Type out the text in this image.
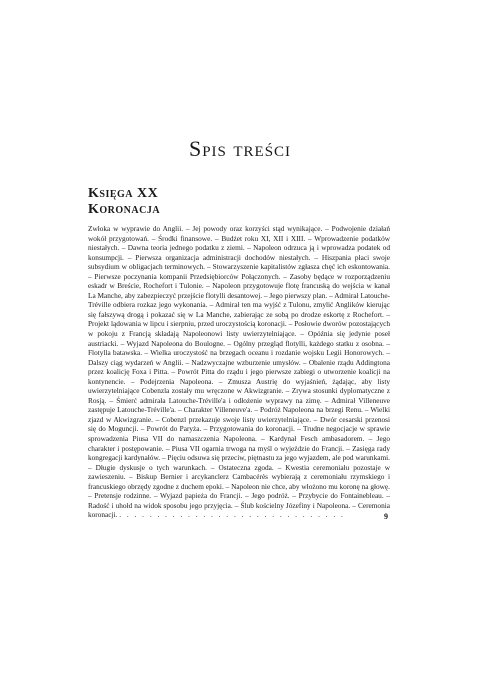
Spis treści
Księga XX
Koronacja

Zwłoka w wyprawie do Anglii. – Jej powody oraz korzyści stąd wynikające. – Podwojenie działań wokół przygotowań. – Środki finansowe. – Budżet roku XI, XII i XIII. – Wprowadzenie podatków niestałych. – Dawna teoria jednego podatku z ziemi. – Napoleon odrzuca ją i wprowadza podatek od konsumpcji. – Pierwsza organizacja administracji dochodów niestałych. – Hiszpania płaci swoje subsydium w obligacjach terminowych. – Stowarzyszenie kapitalistów zgłasza chęć ich eskontowania. – Pierwsze poczynania kompanii Przedsiębiorców Połączonych. – Zasoby będące w rozporządzeniu eskadr w Breście, Rochefort i Tulonie. – Napoleon przygotowuje flotę francuską do wejścia w kanał La Manche, aby zabezpieczyć przejście flotylli desantowej. – Jego pierwszy plan. – Admirał Latouche-Tréville odbiera rozkaz jego wykonania. – Admirał ten ma wyjść z Tulonu, zmylić Anglików kierując się fałszywą drogą i pokazać się w La Manche, zabierając ze sobą po drodze eskortę z Rochefort. – Projekt lądowania w lipcu i sierpniu, przed uroczystością koronacji. – Posłowie dworów pozostających w pokoju z Francją składają Napoleonowi listy uwierzytelniające. – Opóźnia się jedynie poseł austriacki. – Wyjazd Napoleona do Boulogne. – Ogólny przegląd flotylli, każdego statku z osobna. – Flotylla batawska. – Wielka uroczystość na brzegach oceanu i rozdanie wojsku Legii Honorowych. – Dalszy ciąg wydarzeń w Anglii. – Nadzwyczajne wzburzenie umysłów. – Obalenie rządu Addingtona przez koalicję Foxa i Pitta. – Powrót Pitta do rządu i jego pierwsze zabiegi o utworzenie koalicji na kontynencie. – Podejrzenia Napoleona. – Zmusza Austrię do wyjaśnień, żądając, aby listy uwierzytelniające Cobenzla zostały mu wręczone w Akwizgranie. – Zrywa stosunki dyplomatyczne z Rosją. – Śmierć admirała Latouche-Tréville'a i odłożenie wyprawy na zimę. – Admirał Villeneuve zastępuje Latouche-Tréville'a. – Charakter Villeneuve'a. – Podróż Napoleona na brzegi Renu. – Wielki zjazd w Akwizgranie. – Cobenzl przekazuje swoje listy uwierzytelniające. – Dwór cesarski przenosi się do Moguncji. – Powrót do Paryża. – Przygotowania do koronacji. – Trudne negocjacje w sprawie sprowadzenia Piusa VII do namaszczenia Napoleona. – Kardynał Fesch ambasadorem. – Jego charakter i postępowanie. – Piusa VII ogarnia trwoga na myśl o wyjeździe do Francji. – Zasięga rady kongregacji kardynałów. – Pięciu odsuwa się przeciw, piętnastu za jego wyjazdem, ale pod warunkami. – Długie dyskusje o tych warunkach. – Ostateczna zgoda. – Kwestia ceremoniału pozostaje w zawieszeniu. – Biskup Bernier i arcykanclerz Cambacérès wybierają z ceremoniału rzymskiego i francuskiego obrzędy zgodne z duchem epoki. – Napoleon nie chce, aby włożono mu koronę na głowę. – Pretensje rodzinne. – Wyjazd papieża do Francji. – Jego podróż. – Przybycie do Fontainebleau. – Radość i uhołd na widok sposobu jego przyjęcia. – Ślub kościelny Józefiny i Napoleona. – Ceremonia koronacji. . . . . . . . . . . . . . . . . . . . . . . . . . . . . . .	9
